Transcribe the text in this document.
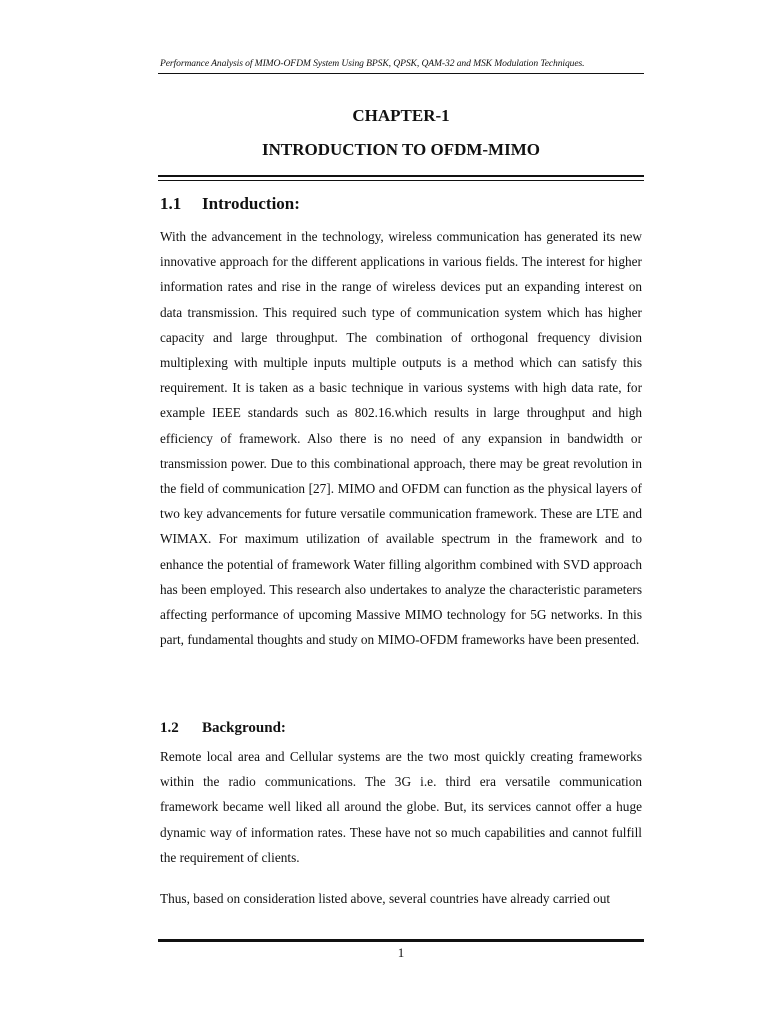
Performance Analysis of MIMO-OFDM System Using BPSK, QPSK, QAM-32 and MSK Modulation Techniques.
CHAPTER-1
INTRODUCTION TO OFDM-MIMO
1.1	Introduction:

With the advancement in the technology, wireless communication has generated its new innovative approach for the different applications in various fields. The interest for higher information rates and rise in the range of wireless devices put an expanding interest on data transmission. This required such type of communication system which has higher capacity and large throughput. The combination of orthogonal frequency division multiplexing with multiple inputs multiple outputs is a method which can satisfy this requirement. It is taken as a basic technique in various systems with high data rate, for example IEEE standards such as 802.16.which results in large throughput and high efficiency of framework. Also there is no need of any expansion in bandwidth or transmission power. Due to this combinational approach, there may be great revolution in the field of communication [27]. MIMO and OFDM can function as the physical layers of two key advancements for future versatile communication framework. These are LTE and WIMAX. For maximum utilization of available spectrum in the framework and to enhance the potential of framework Water filling algorithm combined with SVD approach has been employed. This research also undertakes to analyze the characteristic parameters affecting performance of upcoming Massive MIMO technology for 5G networks. In this part, fundamental thoughts and study on MIMO-OFDM frameworks have been presented.

1.2	Background:

Remote local area and Cellular systems are the two most quickly creating frameworks within the radio communications. The 3G i.e. third era versatile communication framework became well liked all around the globe. But, its services cannot offer a huge dynamic way of information rates. These have not so much capabilities and cannot fulfill the requirement of clients.

Thus, based on consideration listed above, several countries have already carried out

1
